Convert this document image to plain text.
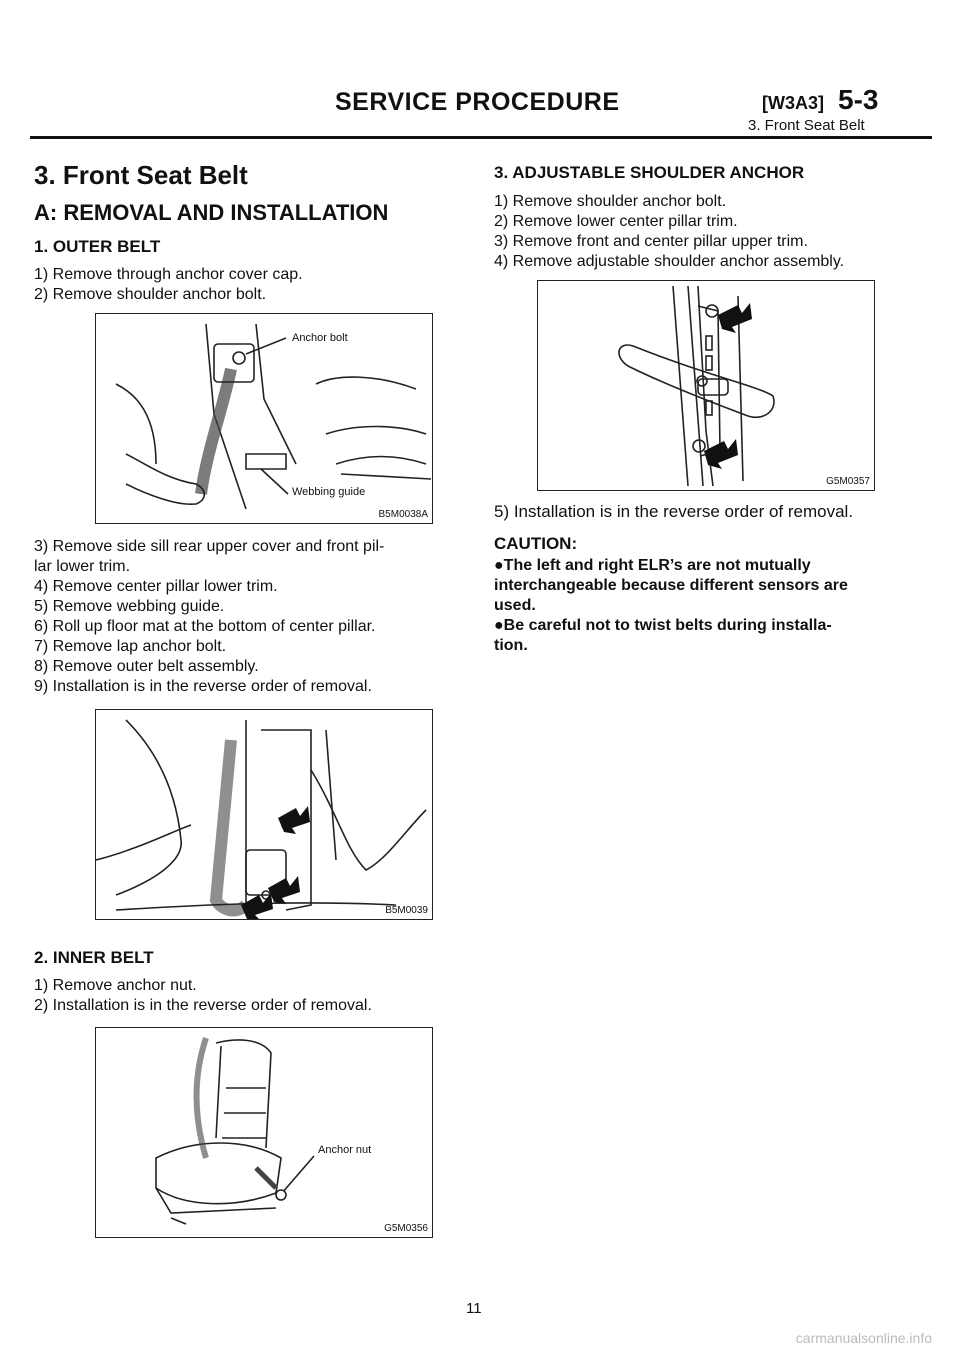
SERVICE PROCEDURE	[W3A3] 5-3
3. Front Seat Belt
3. Front Seat Belt
A: REMOVAL AND INSTALLATION
1. OUTER BELT
1) Remove through anchor cover cap.
2) Remove shoulder anchor bolt.
Anchor bolt
Webbing guide
B5M0038A
3) Remove side sill rear upper cover and front pil-
lar lower trim.
4) Remove center pillar lower trim.
5) Remove webbing guide.
6) Roll up floor mat at the bottom of center pillar.
7) Remove lap anchor bolt.
8) Remove outer belt assembly.
9) Installation is in the reverse order of removal.
B5M0039
2. INNER BELT
1) Remove anchor nut.
2) Installation is in the reverse order of removal.
Anchor nut
G5M0356
3. ADJUSTABLE SHOULDER ANCHOR
1) Remove shoulder anchor bolt.
2) Remove lower center pillar trim.
3) Remove front and center pillar upper trim.
4) Remove adjustable shoulder anchor assembly.
G5M0357
5) Installation is in the reverse order of removal.
CAUTION:
●The left and right ELR’s are not mutually
interchangeable because different sensors are
used.
●Be careful not to twist belts during installa-
tion.
11
carmanualsonline.info
